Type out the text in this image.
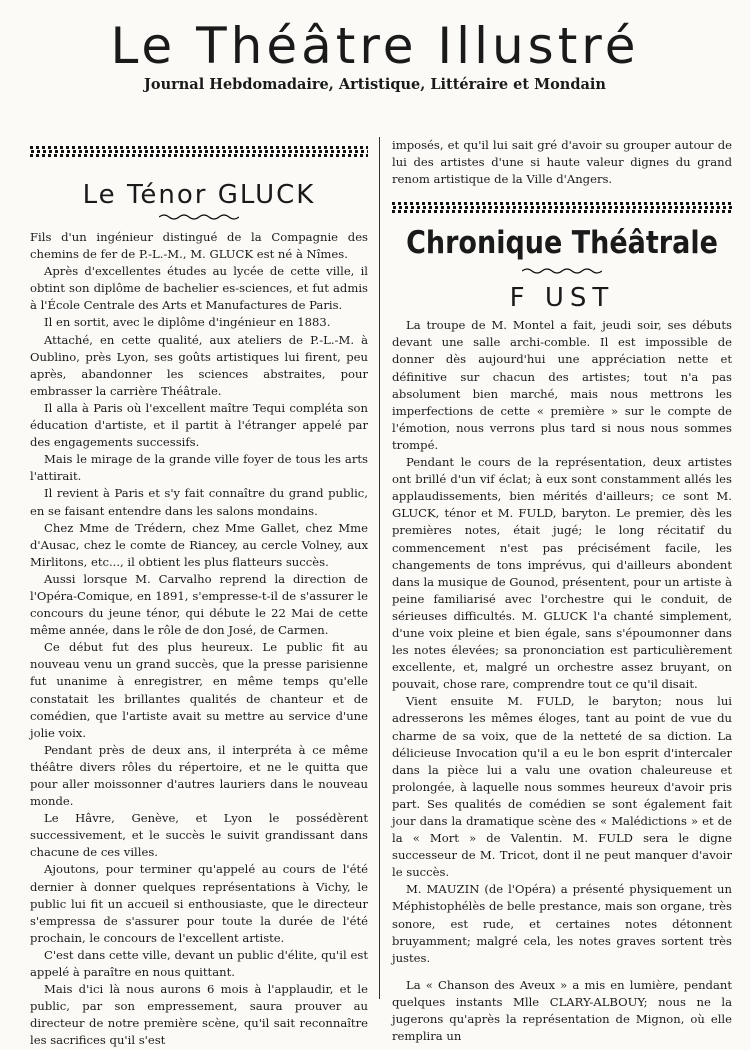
Le Théâtre Illustré
Journal Hebdomadaire, Artistique, Littéraire et Mondain
Le Ténor GLUCK

Fils d'un ingénieur distingué de la Compagnie des chemins de fer de P.-L.-M., M. GLUCK est né à Nîmes.

Après d'excellentes études au lycée de cette ville, il obtint son diplôme de bachelier es-sciences, et fut admis à l'École Centrale des Arts et Manufactures de Paris.

Il en sortit, avec le diplôme d'ingénieur en 1883.

Attaché, en cette qualité, aux ateliers de P.-L.-M. à Oublino, près Lyon, ses goûts artistiques lui firent, peu après, abandonner les sciences abstraites, pour embrasser la carrière Théâtrale.

Il alla à Paris où l'excellent maître Tequi compléta son éducation d'artiste, et il partit à l'étranger appelé par des engagements successifs.

Mais le mirage de la grande ville foyer de tous les arts l'attirait.

Il revient à Paris et s'y fait connaître du grand public, en se faisant entendre dans les salons mondains.

Chez Mme de Trédern, chez Mme Gallet, chez Mme d'Ausac, chez le comte de Riancey, au cercle Volney, aux Mirlitons, etc..., il obtient les plus flatteurs succès.

Aussi lorsque M. Carvalho reprend la direction de l'Opéra-Comique, en 1891, s'empresse-t-il de s'assurer le concours du jeune ténor, qui débute le 22 Mai de cette même année, dans le rôle de don José, de Carmen.

Ce début fut des plus heureux. Le public fit au nouveau venu un grand succès, que la presse parisienne fut unanime à enregistrer, en même temps qu'elle constatait les brillantes qualités de chanteur et de comédien, que l'artiste avait su mettre au service d'une jolie voix.

Pendant près de deux ans, il interpréta à ce même théâtre divers rôles du répertoire, et ne le quitta que pour aller moissonner d'autres lauriers dans le nouveau monde.

Le Hâvre, Genève, et Lyon le possédèrent successivement, et le succès le suivit grandissant dans chacune de ces villes.

Ajoutons, pour terminer qu'appelé au cours de l'été dernier à donner quelques représentations à Vichy, le public lui fit un accueil si enthousiaste, que le directeur s'empressa de s'assurer pour toute la durée de l'été prochain, le concours de l'excellent artiste.

C'est dans cette ville, devant un public d'élite, qu'il est appelé à paraître en nous quittant.

Mais d'ici là nous aurons 6 mois à l'applaudir, et le public, par son empressement, saura prouver au directeur de notre première scène, qu'il sait reconnaître les sacrifices qu'il s'est

imposés, et qu'il lui sait gré d'avoir su grouper autour de lui des artistes d'une si haute valeur dignes du grand renom artistique de la Ville d'Angers.

Chronique Théâtrale
F UST

La troupe de M. Montel a fait, jeudi soir, ses débuts devant une salle archi-comble. Il est impossible de donner dès aujourd'hui une appréciation nette et définitive sur chacun des artistes; tout n'a pas absolument bien marché, mais nous mettrons les imperfections de cette « première » sur le compte de l'émotion, nous verrons plus tard si nous nous sommes trompé.

Pendant le cours de la représentation, deux artistes ont brillé d'un vif éclat; à eux sont constamment allés les applaudissements, bien mérités d'ailleurs; ce sont M. GLUCK, ténor et M. FULD, baryton. Le premier, dès les premières notes, était jugé; le long récitatif du commencement n'est pas précisément facile, les changements de tons imprévus, qui d'ailleurs abondent dans la musique de Gounod, présentent, pour un artiste à peine familiarisé avec l'orchestre qui le conduit, de sérieuses difficultés. M. GLUCK l'a chanté simplement, d'une voix pleine et bien égale, sans s'époumonner dans les notes élevées; sa prononciation est particulièrement excellente, et, malgré un orchestre assez bruyant, on pouvait, chose rare, comprendre tout ce qu'il disait.

Vient ensuite M. FULD, le baryton; nous lui adresserons les mêmes éloges, tant au point de vue du charme de sa voix, que de la netteté de sa diction. La délicieuse Invocation qu'il a eu le bon esprit d'intercaler dans la pièce lui a valu une ovation chaleureuse et prolongée, à laquelle nous sommes heureux d'avoir pris part. Ses qualités de comédien se sont également fait jour dans la dramatique scène des « Malédictions » et de la « Mort » de Valentin. M. FULD sera le digne successeur de M. Tricot, dont il ne peut manquer d'avoir le succès.

M. MAUZIN (de l'Opéra) a présenté physiquement un Méphistophélès de belle prestance, mais son organe, très sonore, est rude, et certaines notes détonnent bruyamment; malgré cela, les notes graves sortent très justes.

La « Chanson des Aveux » a mis en lumière, pendant quelques instants Mlle CLARY-ALBOUY; nous ne la jugerons qu'après la représentation de Mignon, où elle remplira un
